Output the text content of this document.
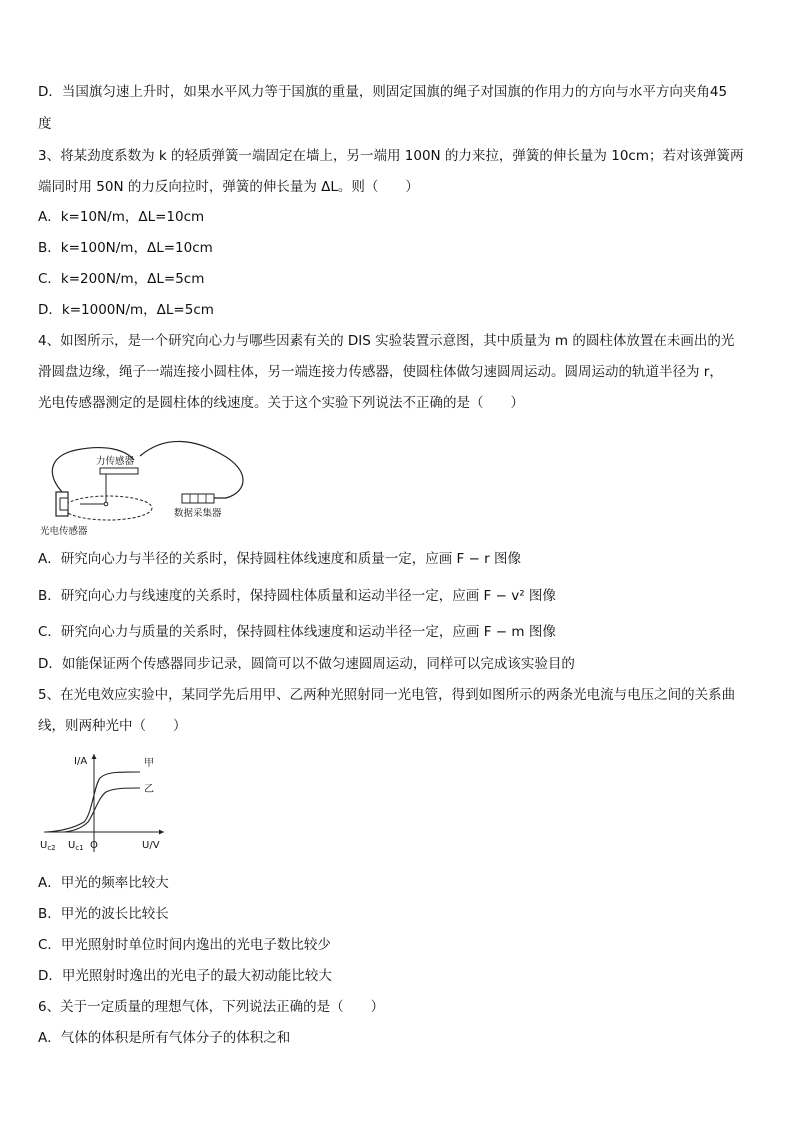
D．当国旗匀速上升时，如果水平风力等于国旗的重量，则固定国旗的绳子对国旗的作用力的方向与水平方向夹角45
度
3、将某劲度系数为 k 的轻质弹簧一端固定在墙上，另一端用 100N 的力来拉，弹簧的伸长量为 10cm；若对该弹簧两
端同时用 50N 的力反向拉时，弹簧的伸长量为 ΔL。则（　　）
A．k=10N/m，ΔL=10cm
B．k=100N/m，ΔL=10cm
C．k=200N/m，ΔL=5cm
D．k=1000N/m，ΔL=5cm
4、如图所示，是一个研究向心力与哪些因素有关的 DIS 实验装置示意图，其中质量为 m 的圆柱体放置在未画出的光
滑圆盘边缘，绳子一端连接小圆柱体，另一端连接力传感器，使圆柱体做匀速圆周运动。圆周运动的轨道半径为 r，
光电传感器测定的是圆柱体的线速度。关于这个实验下列说法不正确的是（　　）
力传感器
光电传感器
数据采集器
A．研究向心力与半径的关系时，保持圆柱体线速度和质量一定，应画 F − r 图像
B．研究向心力与线速度的关系时，保持圆柱体质量和运动半径一定，应画 F − v² 图像
C．研究向心力与质量的关系时，保持圆柱体线速度和运动半径一定，应画 F − m 图像
D．如能保证两个传感器同步记录，圆筒可以不做匀速圆周运动，同样可以完成该实验目的
5、在光电效应实验中，某同学先后用甲、乙两种光照射同一光电管，得到如图所示的两条光电流与电压之间的关系曲
线，则两种光中（　　）
I/A	甲
乙
$U_{c2}$ $U_{c1}$ O	U/V
A．甲光的频率比较大
B．甲光的波长比较长
C．甲光照射时单位时间内逸出的光电子数比较少
D．甲光照射时逸出的光电子的最大初动能比较大
6、关于一定质量的理想气体，下列说法正确的是（　　）
A．气体的体积是所有气体分子的体积之和
